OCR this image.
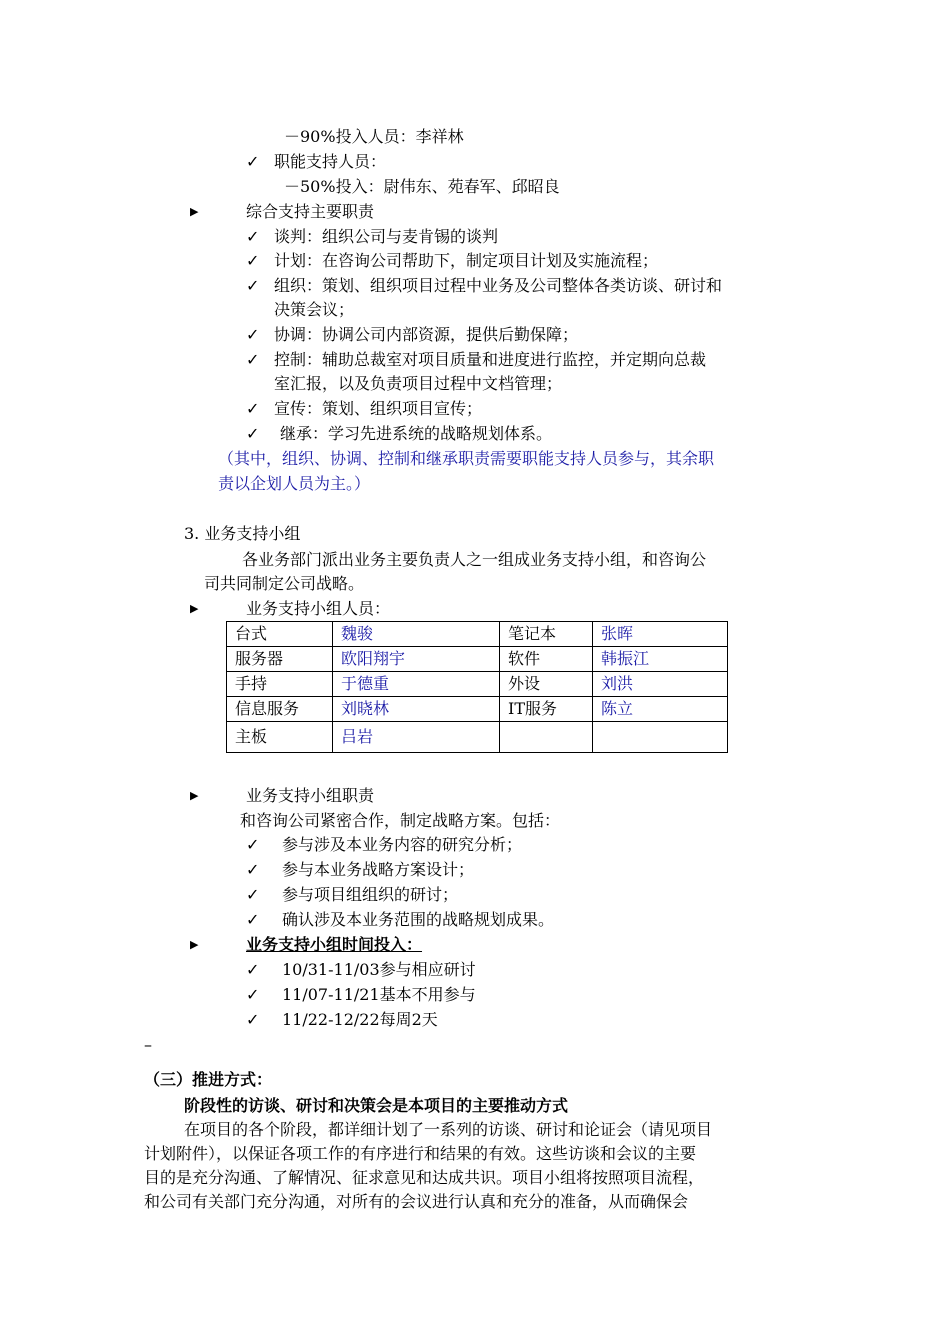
－90%投入人员：李祥林
✓ 职能支持人员：
－50%投入：尉伟东、苑春军、邱昭良
▶	综合支持主要职责
✓ 谈判：组织公司与麦肯锡的谈判
✓ 计划：在咨询公司帮助下，制定项目计划及实施流程；
✓ 组织：策划、组织项目过程中业务及公司整体各类访谈、研讨和
决策会议；
✓ 协调：协调公司内部资源，提供后勤保障；
✓ 控制：辅助总裁室对项目质量和进度进行监控，并定期向总裁
室汇报，以及负责项目过程中文档管理；
✓ 宣传：策划、组织项目宣传；
✓ 继承：学习先进系统的战略规划体系。
（其中，组织、协调、控制和继承职责需要职能支持人员参与，其余职
责以企划人员为主。）
3. 业务支持小组
各业务部门派出业务主要负责人之一组成业务支持小组，和咨询公
司共同制定公司战略。
▶	业务支持小组人员：
台式	魏骏	笔记本	张晖
服务器	欧阳翔宇	软件	韩振江
手持	于德重	外设	刘洪
信息服务	刘晓林	IT服务	陈立
主板	吕岩		
▶	业务支持小组职责
和咨询公司紧密合作，制定战略方案。包括：
✓ 参与涉及本业务内容的研究分析；
✓ 参与本业务战略方案设计；
✓ 参与项目组组织的研讨；
✓ 确认涉及本业务范围的战略规划成果。
▶	业务支持小组时间投入：
✓ 10/31-11/03参与相应研讨
✓ 11/07-11/21基本不用参与
✓ 11/22-12/22每周2天
–
（三）推进方式：
阶段性的访谈、研讨和决策会是本项目的主要推动方式
在项目的各个阶段，都详细计划了一系列的访谈、研讨和论证会（请见项目
计划附件），以保证各项工作的有序进行和结果的有效。这些访谈和会议的主要
目的是充分沟通、了解情况、征求意见和达成共识。项目小组将按照项目流程，
和公司有关部门充分沟通，对所有的会议进行认真和充分的准备，从而确保会
